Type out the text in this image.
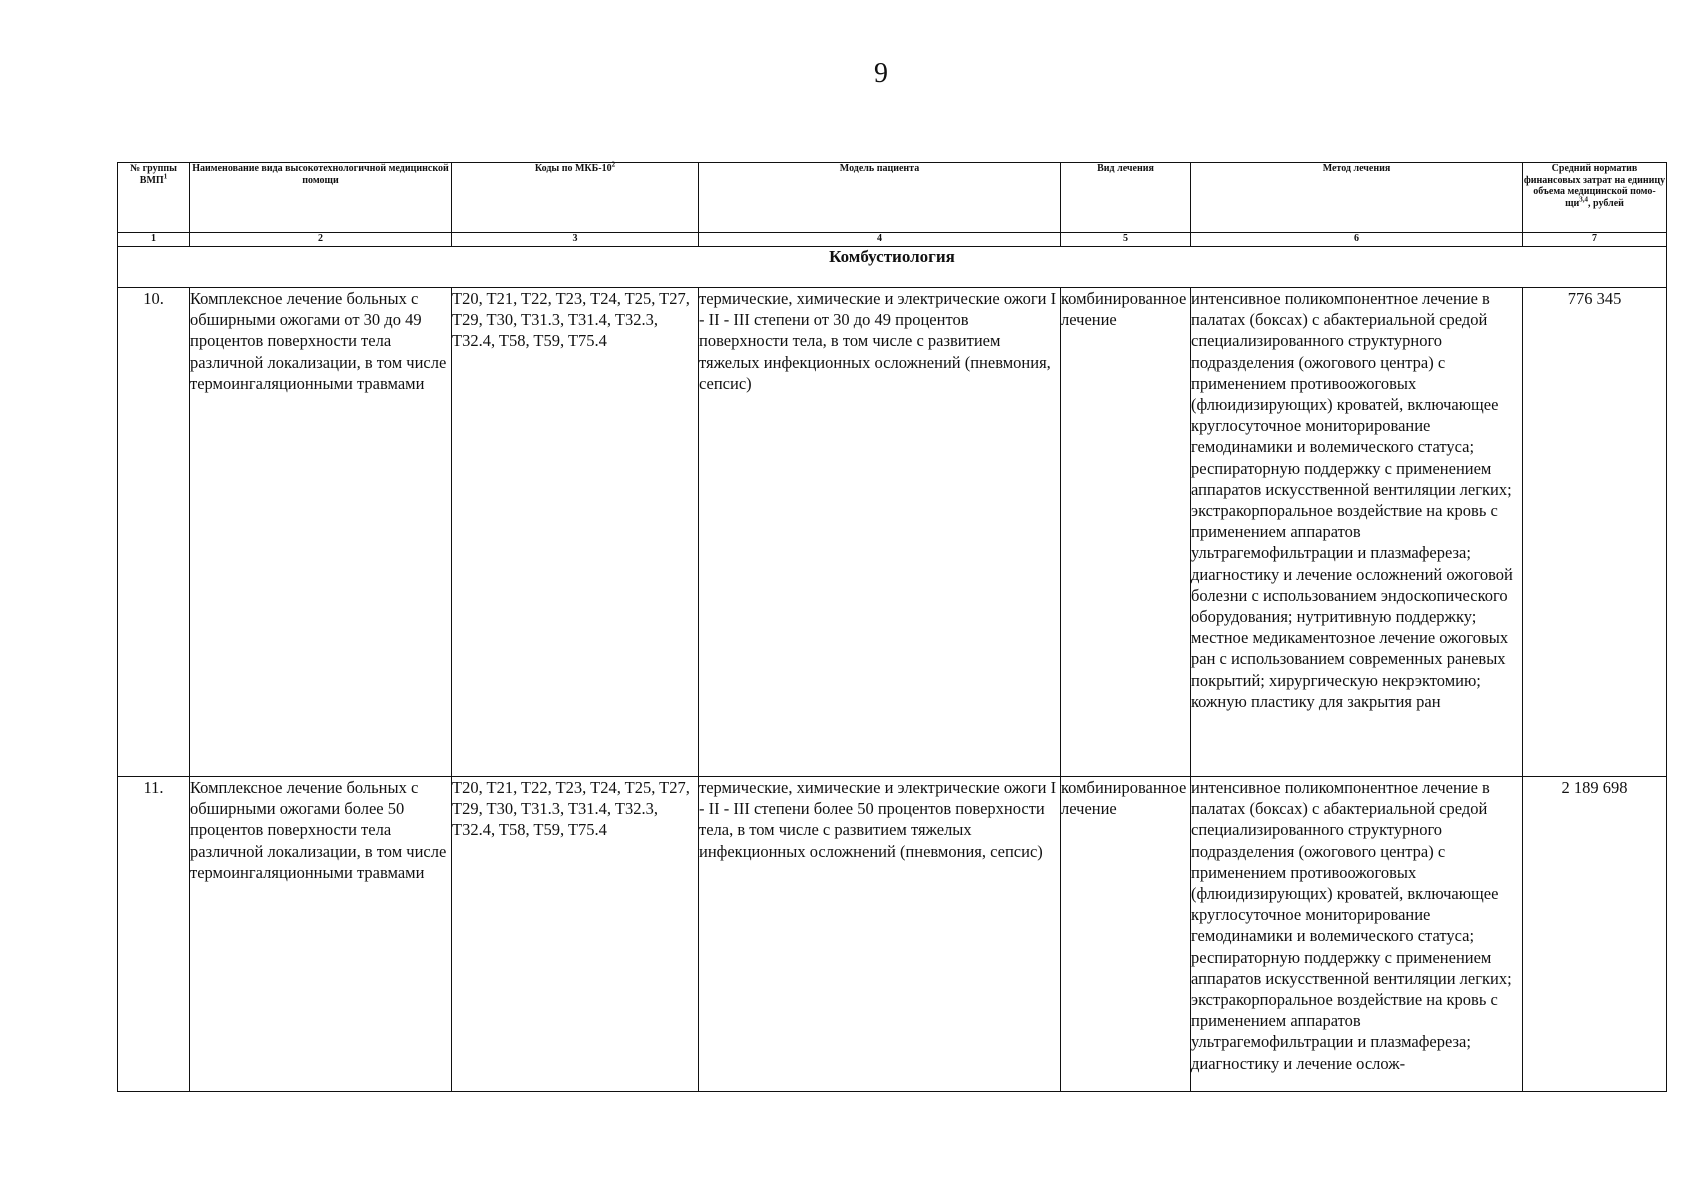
9
№ группы ВМП$^1$	Наименование вида высокотехнологичной медицинской помощи	Коды по МКБ-$10^2$	Модель пациента	Вид лечения	Метод лечения	Средний норматив финансовых затрат на единицу объема медицинской помо-щи$^{3,4}$, рублей
1	2	3	4	5	6	7
Комбустиология						
10.	Комплексное лечение больных с обширными ожогами от 30 до 49 процентов поверхности тела различной локализации, в том числе термоингаляционными травмами	T20, T21, T22, T23, T24, T25, T27, T29, T30, T31.3, T31.4, T32.3, T32.4, T58, T59, T75.4	термические, химические и электрические ожоги I - II - III степени от 30 до 49 процентов поверхности тела, в том числе с развитием тяжелых инфекционных осложнений (пневмония, сепсис)	комбинированное лечение	интенсивное поликомпонентное лечение в палатах (боксах) с абактериальной средой специализированного структурного подразделения (ожогового центра) с применением противоожоговых (флюидизирующих) кроватей, включающее круглосуточное мониторирование гемодинамики и волемического статуса; респираторную поддержку с применением аппаратов искусственной вентиляции легких; экстракорпоральное воздействие на кровь с применением аппаратов ультрагемофильтрации и плазмафереза; диагностику и лечение осложнений ожоговой болезни с использованием эндоскопического оборудования; нутритивную поддержку; местное медикаментозное лечение ожоговых ран с использованием современных раневых покрытий; хирургическую некрэктомию; кожную пластику для закрытия ран	776 345
11.	Комплексное лечение больных с обширными ожогами более 50 процентов поверхности тела различной локализации, в том числе термоингаляционными травмами	T20, T21, T22, T23, T24, T25, T27, T29, T30, T31.3, T31.4, T32.3, T32.4, T58, T59, T75.4	термические, химические и электрические ожоги I - II - III степени более 50 процентов поверхности тела, в том числе с развитием тяжелых инфекционных осложнений (пневмония, сепсис)	комбинированное лечение	интенсивное поликомпонентное лечение в палатах (боксах) с абактериальной средой специализированного структурного подразделения (ожогового центра) с применением противоожоговых (флюидизирующих) кроватей, включающее круглосуточное мониторирование гемодинамики и волемического статуса; респираторную поддержку с применением аппаратов искусственной вентиляции легких; экстракорпоральное воздействие на кровь с применением аппаратов ультрагемофильтрации и плазмафереза; диагностику и лечение ослож-	2 189 698
